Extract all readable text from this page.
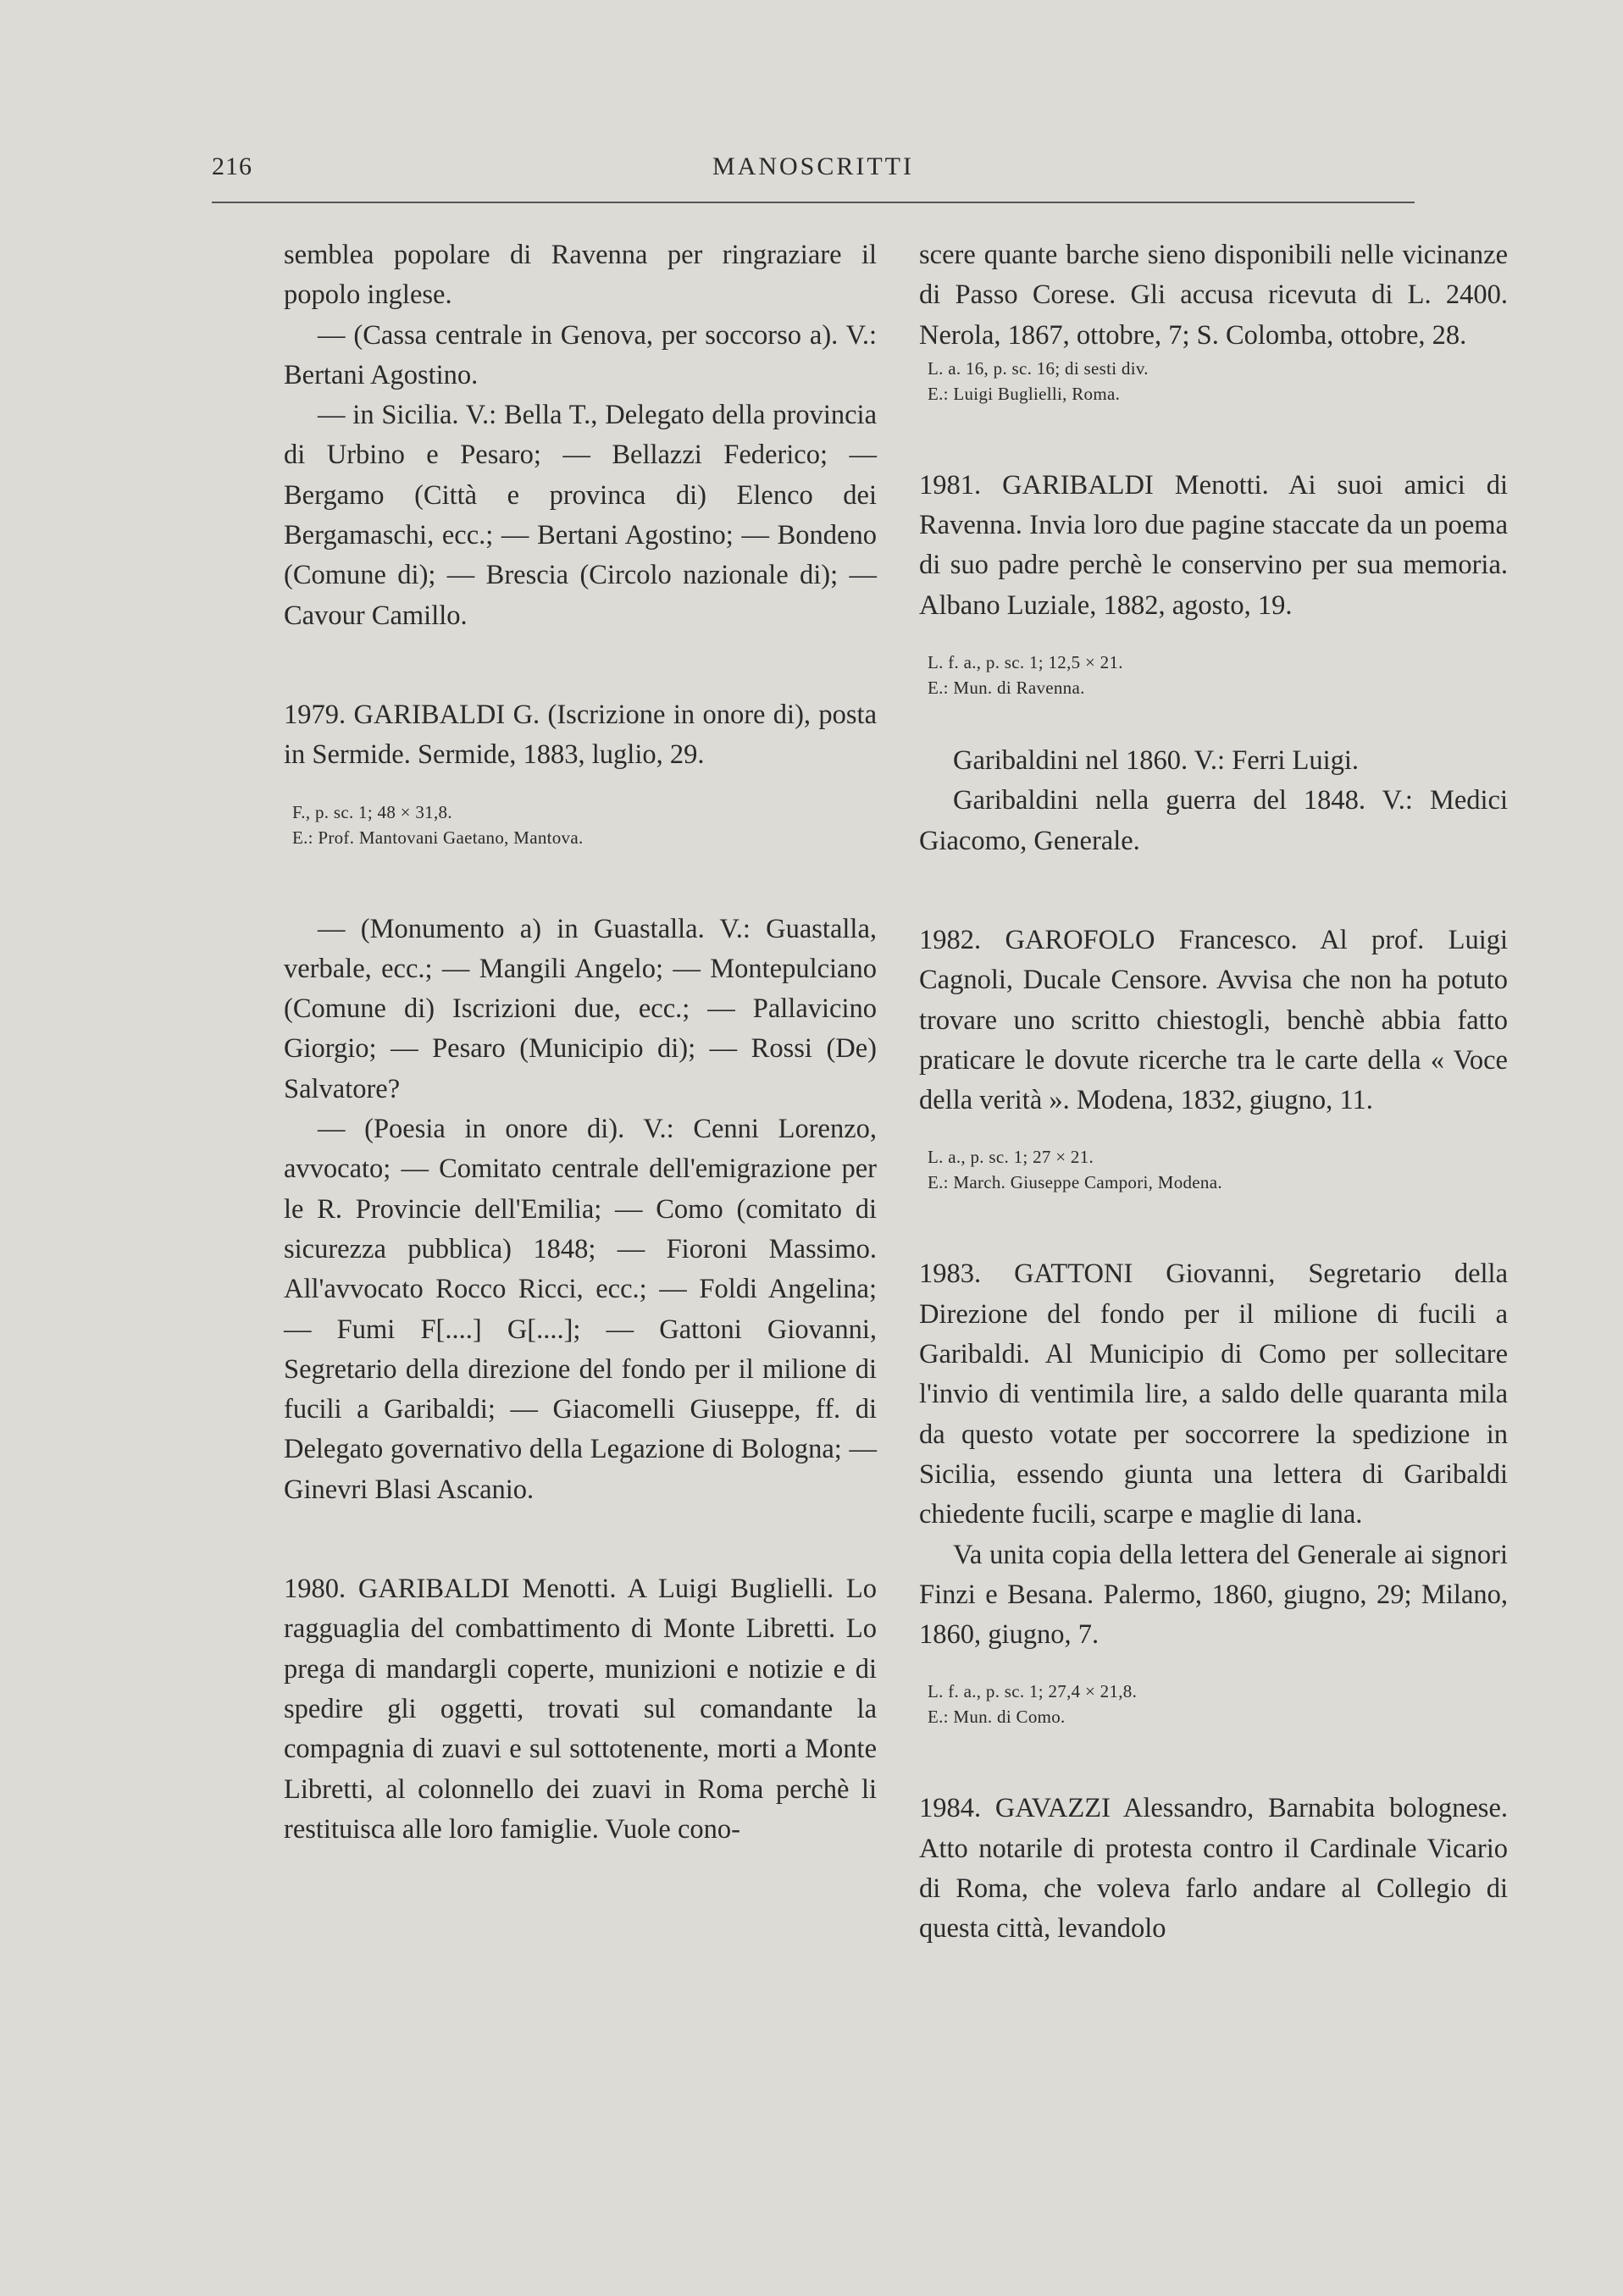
216	MANOSCRITTI

semblea popolare di Ravenna per ringraziare il popolo inglese.

— (Cassa centrale in Genova, per soccorso a). V.: Bertani Agostino.

— in Sicilia. V.: Bella T., Delegato della provincia di Urbino e Pesaro; — Bellazzi Federico; — Bergamo (Città e provinca di) Elenco dei Bergamaschi, ecc.; — Bertani Agostino; — Bondeno (Comune di); — Brescia (Circolo nazionale di); — Cavour Camillo.

1979. GARIBALDI G. (Iscrizione in onore di), posta in Sermide. Sermide, 1883, luglio, 29.

F., p. sc. 1; 48 × 31,8.
E.: Prof. Mantovani Gaetano, Mantova.

— (Monumento a) in Guastalla. V.: Guastalla, verbale, ecc.; — Mangili Angelo; — Montepulciano (Comune di) Iscrizioni due, ecc.; — Pallavicino Giorgio; — Pesaro (Municipio di); — Rossi (De) Salvatore?

— (Poesia in onore di). V.: Cenni Lorenzo, avvocato; — Comitato centrale dell'emigrazione per le R. Provincie dell'Emilia; — Como (comitato di sicurezza pubblica) 1848; — Fioroni Massimo. All'avvocato Rocco Ricci, ecc.; — Foldi Angelina; — Fumi F[....] G[....]; — Gattoni Giovanni, Segretario della direzione del fondo per il milione di fucili a Garibaldi; — Giacomelli Giuseppe, ff. di Delegato governativo della Legazione di Bologna; — Ginevri Blasi Ascanio.

1980. GARIBALDI Menotti. A Luigi Buglielli. Lo ragguaglia del combattimento di Monte Libretti. Lo prega di mandargli coperte, munizioni e notizie e di spedire gli oggetti, trovati sul comandante la compagnia di zuavi e sul sottotenente, morti a Monte Libretti, al colonnello dei zuavi in Roma perchè li restituisca alle loro famiglie. Vuole cono-

scere quante barche sieno disponibili nelle vicinanze di Passo Corese. Gli accusa ricevuta di L. 2400. Nerola, 1867, ottobre, 7; S. Colomba, ottobre, 28.

L. a. 16, p. sc. 16; di sesti div.
E.: Luigi Buglielli, Roma.

1981. GARIBALDI Menotti. Ai suoi amici di Ravenna. Invia loro due pagine staccate da un poema di suo padre perchè le conservino per sua memoria. Albano Luziale, 1882, agosto, 19.

L. f. a., p. sc. 1; 12,5 × 21.
E.: Mun. di Ravenna.

Garibaldini nel 1860. V.: Ferri Luigi.

Garibaldini nella guerra del 1848. V.: Medici Giacomo, Generale.

1982. GAROFOLO Francesco. Al prof. Luigi Cagnoli, Ducale Censore. Avvisa che non ha potuto trovare uno scritto chiestogli, benchè abbia fatto praticare le dovute ricerche tra le carte della « Voce della verità ». Modena, 1832, giugno, 11.

L. a., p. sc. 1; 27 × 21.
E.: March. Giuseppe Campori, Modena.

1983. GATTONI Giovanni, Segretario della Direzione del fondo per il milione di fucili a Garibaldi. Al Municipio di Como per sollecitare l'invio di ventimila lire, a saldo delle quaranta mila da questo votate per soccorrere la spedizione in Sicilia, essendo giunta una lettera di Garibaldi chiedente fucili, scarpe e maglie di lana.

Va unita copia della lettera del Generale ai signori Finzi e Besana. Palermo, 1860, giugno, 29; Milano, 1860, giugno, 7.

L. f. a., p. sc. 1; 27,4 × 21,8.
E.: Mun. di Como.

1984. GAVAZZI Alessandro, Barnabita bolognese. Atto notarile di protesta contro il Cardinale Vicario di Roma, che voleva farlo andare al Collegio di questa città, levandolo
